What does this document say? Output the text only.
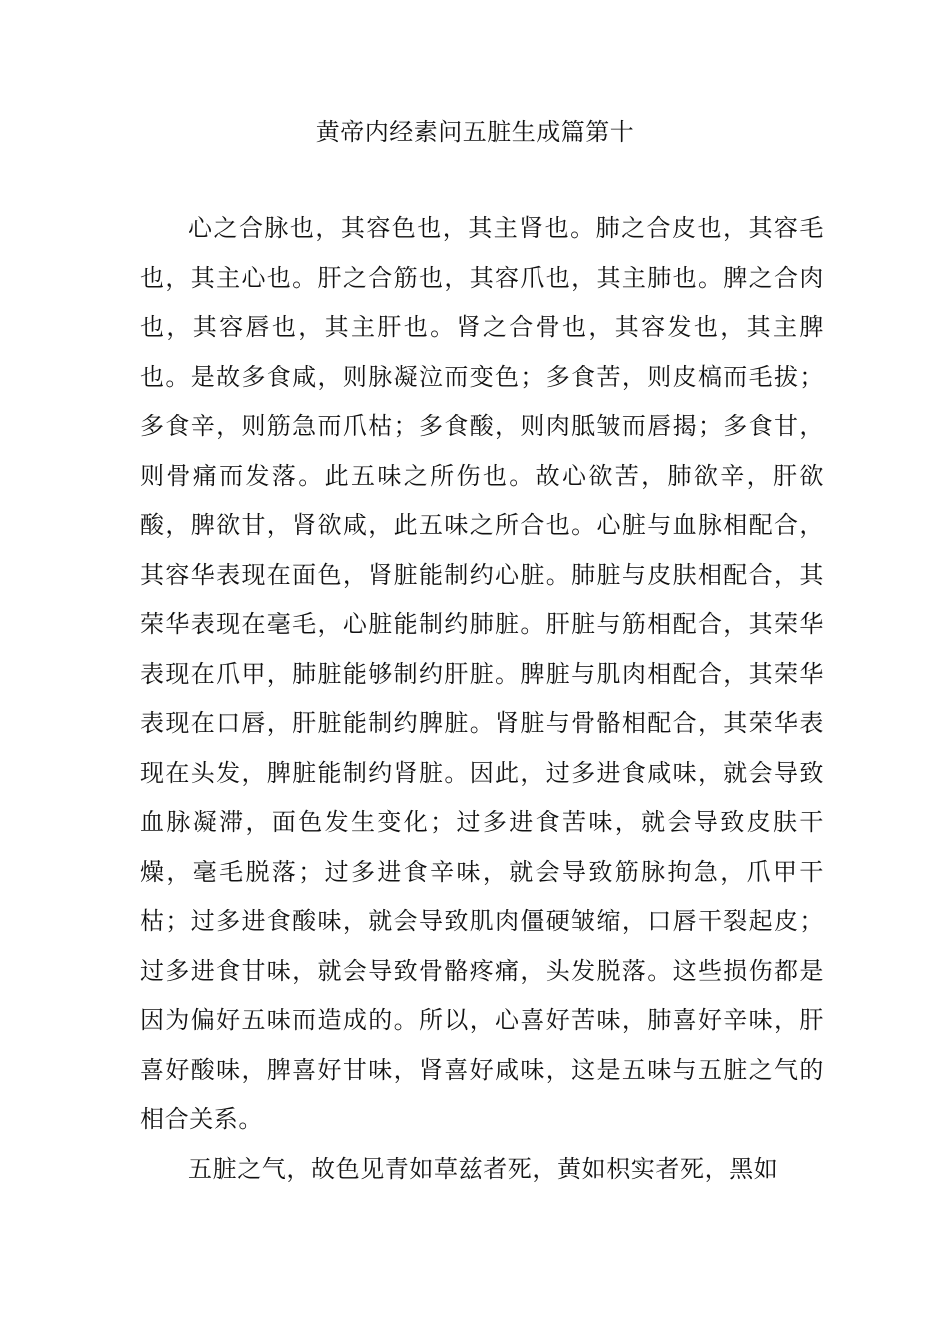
黄帝内经素问五脏生成篇第十

心之合脉也，其容色也，其主肾也。肺之合皮也，其容毛也，其主心也。肝之合筋也，其容爪也，其主肺也。脾之合肉也，其容唇也，其主肝也。肾之合骨也，其容发也，其主脾也。是故多食咸，则脉凝泣而变色；多食苦，则皮槁而毛拔；多食辛，则筋急而爪枯；多食酸，则肉胝皱而唇揭；多食甘，则骨痛而发落。此五味之所伤也。故心欲苦，肺欲辛，肝欲酸，脾欲甘，肾欲咸，此五味之所合也。心脏与血脉相配合，其容华表现在面色，肾脏能制约心脏。肺脏与皮肤相配合，其荣华表现在毫毛，心脏能制约肺脏。肝脏与筋相配合，其荣华表现在爪甲，肺脏能够制约肝脏。脾脏与肌肉相配合，其荣华表现在口唇，肝脏能制约脾脏。肾脏与骨骼相配合，其荣华表现在头发，脾脏能制约肾脏。因此，过多进食咸味，就会导致血脉凝滞，面色发生变化；过多进食苦味，就会导致皮肤干燥，毫毛脱落；过多进食辛味，就会导致筋脉拘急，爪甲干枯；过多进食酸味，就会导致肌肉僵硬皱缩，口唇干裂起皮；过多进食甘味，就会导致骨骼疼痛，头发脱落。这些损伤都是因为偏好五味而造成的。所以，心喜好苦味，肺喜好辛味，肝喜好酸味，脾喜好甘味，肾喜好咸味，这是五味与五脏之气的相合关系。

五脏之气，故色见青如草兹者死，黄如枳实者死，黑如
